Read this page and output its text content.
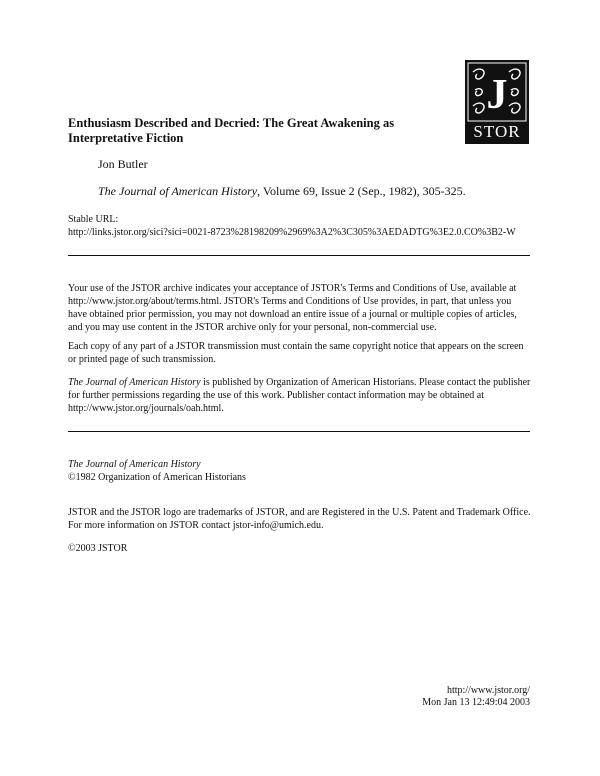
J
STOR
Enthusiasm Described and Decried: The Great Awakening as Interpretative Fiction
Jon Butler
The Journal of American History, Volume 69, Issue 2 (Sep., 1982), 305-325.
Stable URL:
http://links.jstor.org/sici?sici=0021-8723%28198209%2969%3A2%3C305%3AEDADTG%3E2.0.CO%3B2-W
Your use of the JSTOR archive indicates your acceptance of JSTOR's Terms and Conditions of Use, available at http://www.jstor.org/about/terms.html. JSTOR's Terms and Conditions of Use provides, in part, that unless you have obtained prior permission, you may not download an entire issue of a journal or multiple copies of articles, and you may use content in the JSTOR archive only for your personal, non-commercial use.
Each copy of any part of a JSTOR transmission must contain the same copyright notice that appears on the screen or printed page of such transmission.
The Journal of American History is published by Organization of American Historians. Please contact the publisher for further permissions regarding the use of this work. Publisher contact information may be obtained at http://www.jstor.org/journals/oah.html.
The Journal of American History
©1982 Organization of American Historians
JSTOR and the JSTOR logo are trademarks of JSTOR, and are Registered in the U.S. Patent and Trademark Office. For more information on JSTOR contact jstor-info@umich.edu.
©2003 JSTOR
http://www.jstor.org/
Mon Jan 13 12:49:04 2003
